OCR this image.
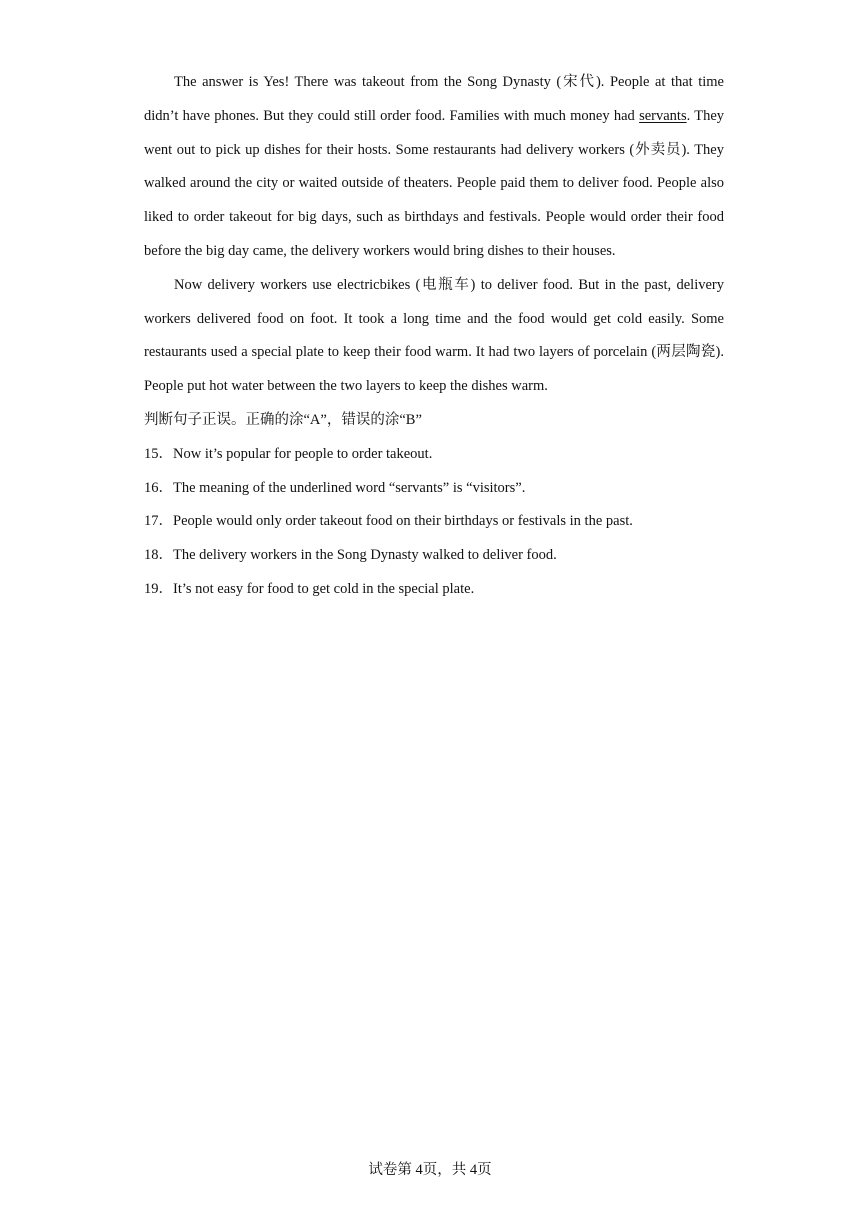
The answer is Yes! There was takeout from the Song Dynasty (宋代). People at that time didn’t have phones. But they could still order food. Families with much money had servants. They went out to pick up dishes for their hosts. Some restaurants had delivery workers (外卖员). They walked around the city or waited outside of theaters. People paid them to deliver food. People also liked to order takeout for big days, such as birthdays and festivals. People would order their food before the big day came, the delivery workers would bring dishes to their houses.

Now delivery workers use electricbikes (电瓶车) to deliver food. But in the past, delivery workers delivered food on foot. It took a long time and the food would get cold easily. Some restaurants used a special plate to keep their food warm. It had two layers of porcelain (两层陶瓷). People put hot water between the two layers to keep the dishes warm.

判断句子正误。正确的涂“A”，错误的涂“B”

15．Now it’s popular for people to order takeout.

16．The meaning of the underlined word “servants” is “visitors”.

17．People would only order takeout food on their birthdays or festivals in the past.

18．The delivery workers in the Song Dynasty walked to deliver food.

19．It’s not easy for food to get cold in the special plate.

试卷第 4页，共 4页
